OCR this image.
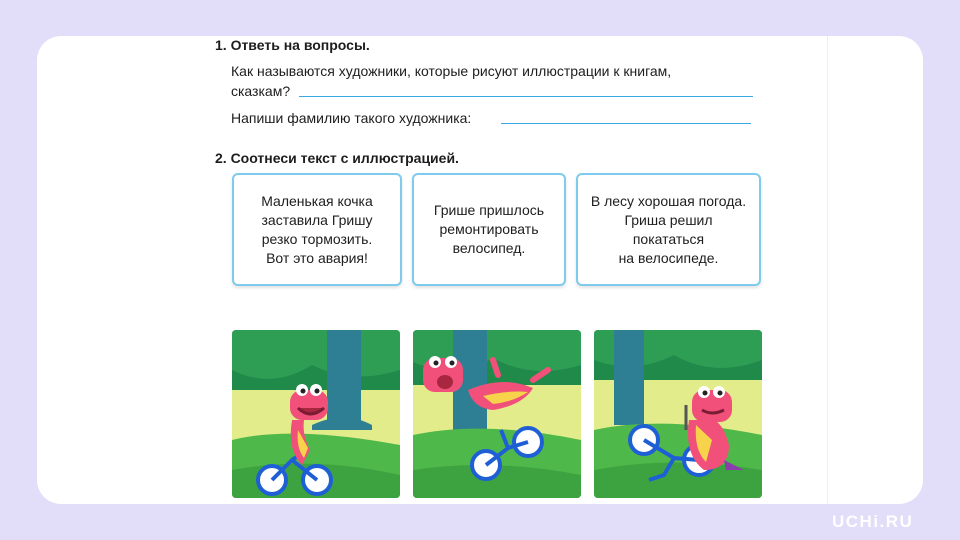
1. Ответь на вопросы.
Как называются художники, которые рисуют иллюстрации к книгам,
сказкам?
Напиши фамилию такого художника:
2. Соотнеси текст с иллюстрацией.
Маленькая кочка
заставила Гришу
резко тормозить.
Вот это авария!
Грише пришлось
ремонтировать
велосипед.
В лесу хорошая погода.
Гриша решил
покататься
на велосипеде.
UCHi.RU
